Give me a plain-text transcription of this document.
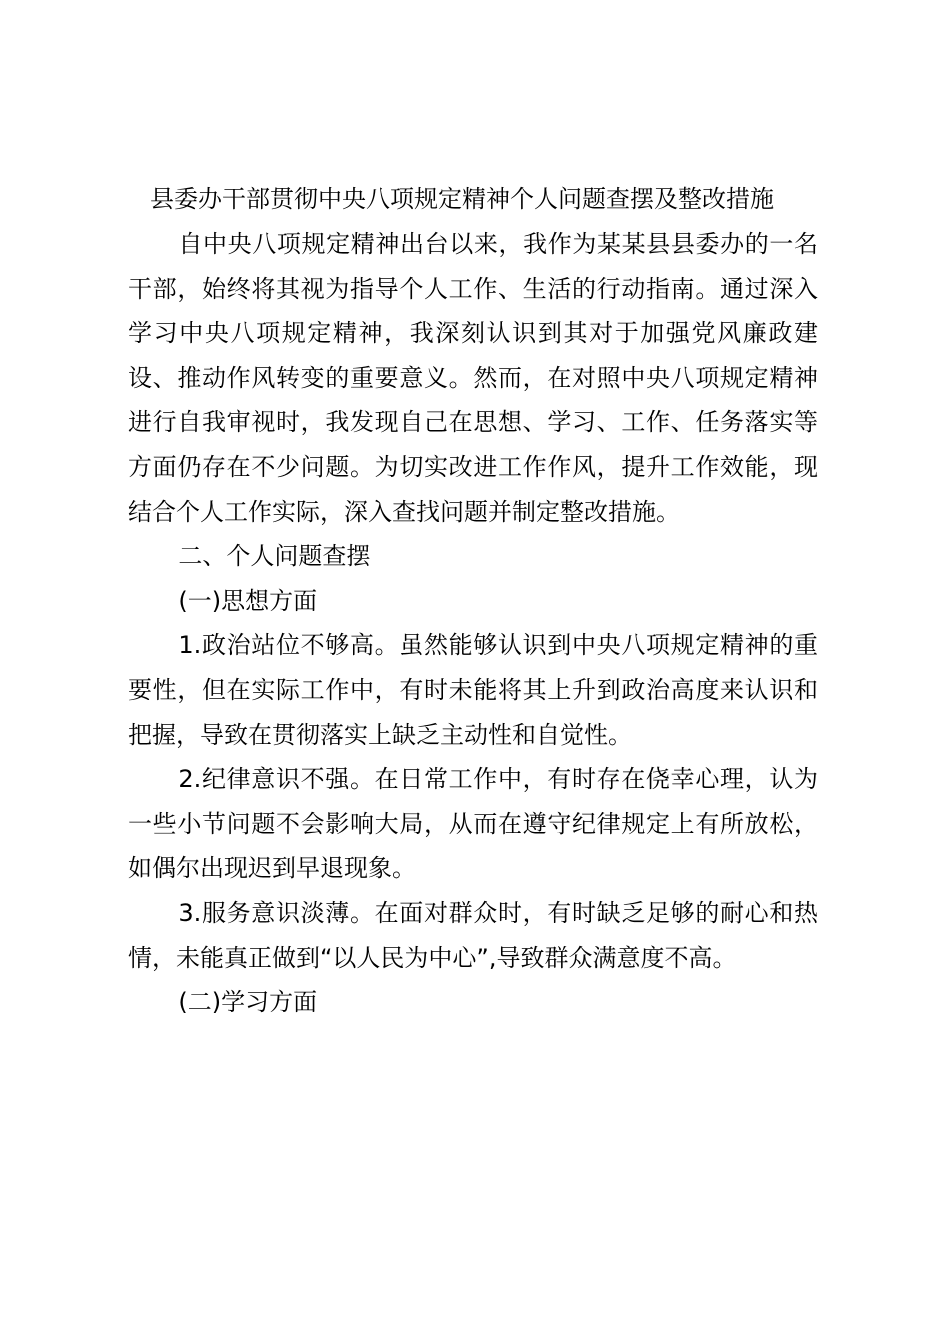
县委办干部贯彻中央八项规定精神个人问题查摆及整改措施

自中央八项规定精神出台以来，我作为某某县县委办的一名干部，始终将其视为指导个人工作、生活的行动指南。通过深入学习中央八项规定精神，我深刻认识到其对于加强党风廉政建设、推动作风转变的重要意义。然而，在对照中央八项规定精神进行自我审视时，我发现自己在思想、学习、工作、任务落实等方面仍存在不少问题。为切实改进工作作风，提升工作效能，现结合个人工作实际，深入查找问题并制定整改措施。

二、个人问题查摆

(一)思想方面

1.政治站位不够高。虽然能够认识到中央八项规定精神的重要性，但在实际工作中，有时未能将其上升到政治高度来认识和把握，导致在贯彻落实上缺乏主动性和自觉性。

2.纪律意识不强。在日常工作中，有时存在侥幸心理，认为一些小节问题不会影响大局，从而在遵守纪律规定上有所放松，如偶尔出现迟到早退现象。

3.服务意识淡薄。在面对群众时，有时缺乏足够的耐心和热情，未能真正做到“以人民为中心”,导致群众满意度不高。

(二)学习方面
